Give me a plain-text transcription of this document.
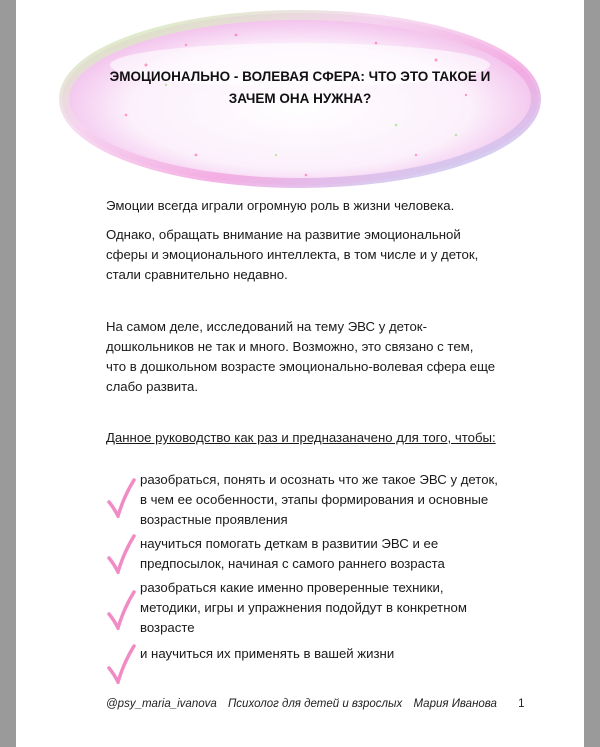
ЭМОЦИОНАЛЬНО - ВОЛЕВАЯ СФЕРА: ЧТО ЭТО ТАКОЕ И ЗАЧЕМ ОНА НУЖНА?
Эмоции всегда играли огромную роль в жизни человека.
Однако, обращать внимание на развитие эмоциональной сферы и эмоционального интеллекта, в том числе и у деток, стали сравнительно недавно.
На самом деле, исследований на тему ЭВС у деток-дошкольников не так и много. Возможно, это связано с тем, что в дошкольном возрасте эмоционально-волевая сфера еще слабо развита.
Данное руководство как раз и предназаначено для того, чтобы:
разобраться, понять и осознать что же такое ЭВС у деток, в чем ее особенности, этапы формирования и основные возрастные проявления
научиться помогать деткам в развитии ЭВС и ее предпосылок, начиная с самого раннего возраста
разобраться какие именно проверенные техники, методики, игры и упражнения подойдут в конкретном возрасте
и научиться их применять в вашей жизни
@psy_maria_ivanova Психолог для детей и взрослых Мария Иванова 1
